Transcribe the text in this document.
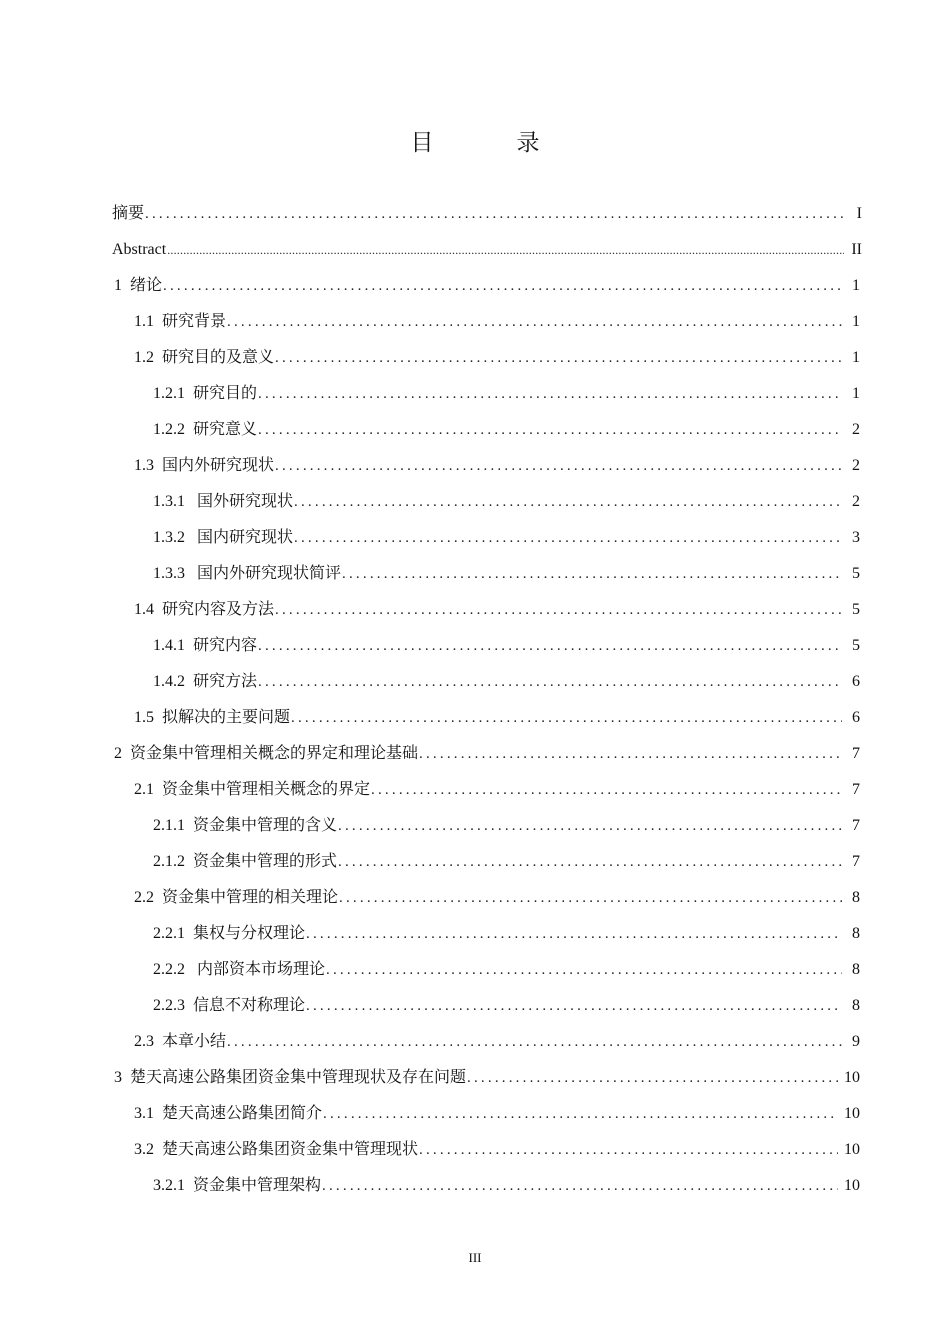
目　录
摘要 .....	I
Abstract .....	II
1 绪论 .....	1
1.1 研究背景 .....	1
1.2 研究目的及意义 .....	1
1.2.1 研究目的 .....	1
1.2.2 研究意义 .....	2
1.3 国内外研究现状 .....	2
1.3.1 国外研究现状 .....	2
1.3.2 国内研究现状 .....	3
1.3.3 国内外研究现状简评 .....	5
1.4 研究内容及方法 .....	5
1.4.1 研究内容 .....	5
1.4.2 研究方法 .....	6
1.5 拟解决的主要问题 .....	6
2 资金集中管理相关概念的界定和理论基础 .....	7
2.1 资金集中管理相关概念的界定 .....	7
2.1.1 资金集中管理的含义 .....	7
2.1.2 资金集中管理的形式 .....	7
2.2 资金集中管理的相关理论 .....	8
2.2.1 集权与分权理论 .....	8
2.2.2 内部资本市场理论 .....	8
2.2.3 信息不对称理论 .....	8
2.3 本章小结 .....	9
3 楚天高速公路集团资金集中管理现状及存在问题 .....	10
3.1 楚天高速公路集团简介 .....	10
3.2 楚天高速公路集团资金集中管理现状 .....	10
3.2.1 资金集中管理架构 .....	10
III
